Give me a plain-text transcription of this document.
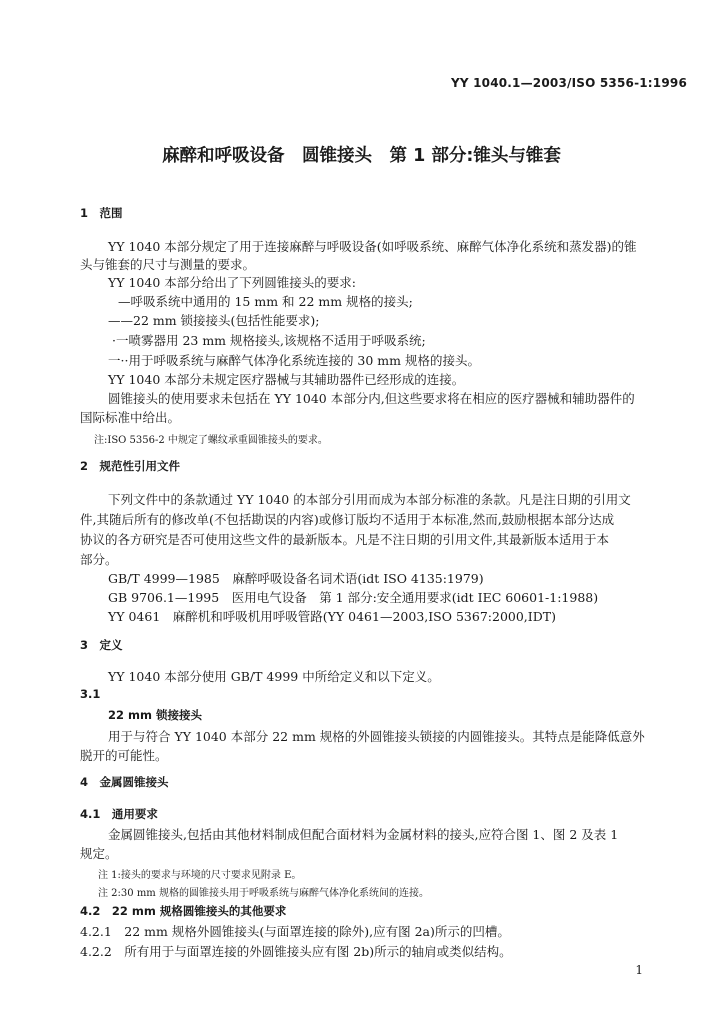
YY 1040.1—2003/ISO 5356-1:1996
麻醉和呼吸设备　圆锥接头　第 1 部分:锥头与锥套
1　范围
YY 1040 本部分规定了用于连接麻醉与呼吸设备(如呼吸系统、麻醉气体净化系统和蒸发器)的锥
头与锥套的尺寸与测量的要求。
YY 1040 本部分给出了下列圆锥接头的要求:
—呼吸系统中通用的 15 mm 和 22 mm 规格的接头;
——22 mm 锁接接头(包括性能要求);
·一喷雾器用 23 mm 规格接头,该规格不适用于呼吸系统;
一··用于呼吸系统与麻醉气体净化系统连接的 30 mm 规格的接头。
YY 1040 本部分未规定医疗器械与其辅助器件已经形成的连接。
圆锥接头的使用要求未包括在 YY 1040 本部分内,但这些要求将在相应的医疗器械和辅助器件的
国际标准中给出。
注:ISO 5356-2 中规定了螺纹承重圆锥接头的要求。
2　规范性引用文件
下列文件中的条款通过 YY 1040 的本部分引用而成为本部分标准的条款。凡是注日期的引用文
件,其随后所有的修改单(不包括勘误的内容)或修订版均不适用于本标准,然而,鼓励根据本部分达成
协议的各方研究是否可使用这些文件的最新版本。凡是不注日期的引用文件,其最新版本适用于本
部分。
GB/T 4999—1985　麻醉呼吸设备名词术语(idt ISO 4135:1979)
GB 9706.1—1995　医用电气设备　第 1 部分:安全通用要求(idt IEC 60601-1:1988)
YY 0461　麻醉机和呼吸机用呼吸管路(YY 0461—2003,ISO 5367:2000,IDT)
3　定义
YY 1040 本部分使用 GB/T 4999 中所给定义和以下定义。
3.1
22 mm 锁接接头
用于与符合 YY 1040 本部分 22 mm 规格的外圆锥接头锁接的内圆锥接头。其特点是能降低意外
脱开的可能性。
4　金属圆锥接头
4.1　通用要求
金属圆锥接头,包括由其他材料制成但配合面材料为金属材料的接头,应符合图 1、图 2 及表 1
规定。
注 1:接头的要求与环境的尺寸要求见附录 E。
注 2:30 mm 规格的圆锥接头用于呼吸系统与麻醉气体净化系统间的连接。
4.2　22 mm 规格圆锥接头的其他要求
4.2.1　22 mm 规格外圆锥接头(与面罩连接的除外),应有图 2a)所示的凹槽。
4.2.2　所有用于与面罩连接的外圆锥接头应有图 2b)所示的轴肩或类似结构。
1
